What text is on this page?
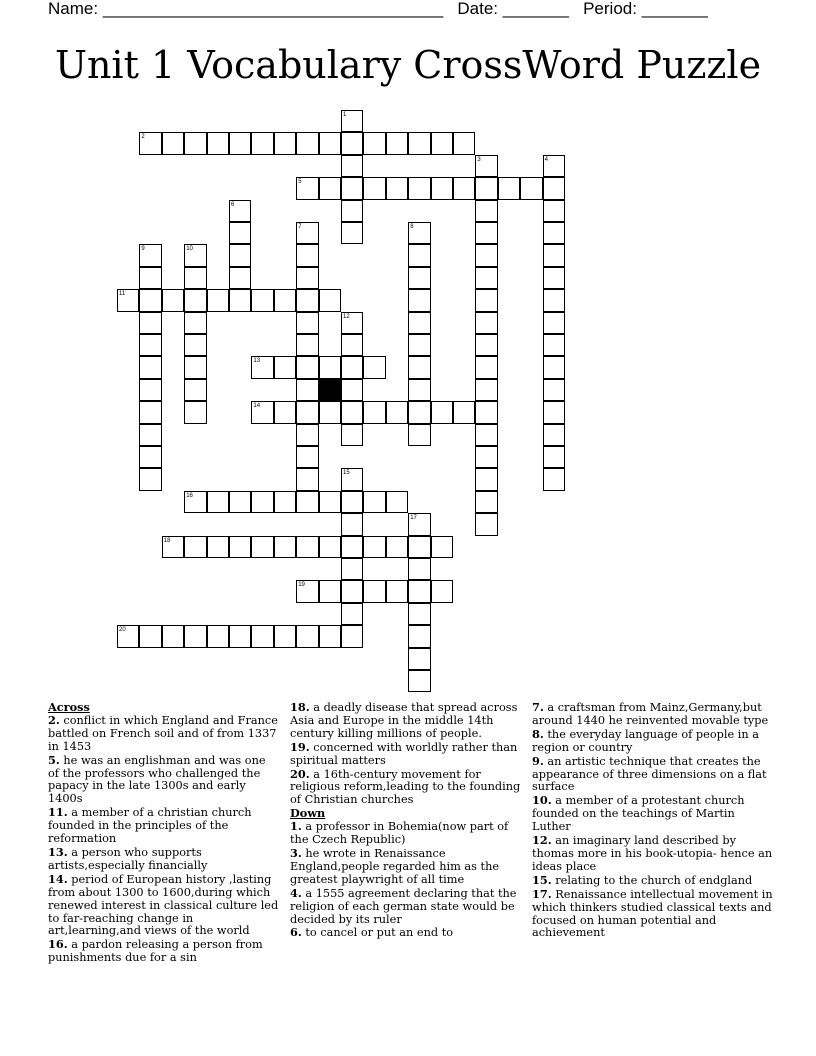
Name: ____________________________________ Date: _______ Period: _______
Unit 1 Vocabulary CrossWord Puzzle
1
2
3	4
5
6
7	8
9	10
11
12
13
14
15
16
17
18
19
20
Across
2. conflict in which England and France battled on French soil and of from 1337 in 1453
5. he was an englishman and was one of the professors who challenged the papacy in the late 1300s and early 1400s
11. a member of a christian church founded in the principles of the reformation
13. a person who supports artists,especially financially
14. period of European history ,lasting from about 1300 to 1600,during which renewed interest in classical culture led to far-reaching change in art,learning,and views of the world
16. a pardon releasing a person from punishments due for a sin
18. a deadly disease that spread across Asia and Europe in the middle 14th century killing millions of people.
19. concerned with worldly rather than spiritual matters
20. a 16th-century movement for religious reform,leading to the founding of Christian churches
Down
1. a professor in Bohemia(now part of the Czech Republic)
3. he wrote in Renaissance England,people regarded him as the greatest playwright of all time
4. a 1555 agreement declaring that the religion of each german state would be decided by its ruler
6. to cancel or put an end to
7. a craftsman from Mainz,Germany,but around 1440 he reinvented movable type
8. the everyday language of people in a region or country
9. an artistic technique that creates the appearance of three dimensions on a flat surface
10. a member of a protestant church founded on the teachings of Martin Luther
12. an imaginary land described by thomas more in his book-utopia- hence an ideas place
15. relating to the church of endgland
17. Renaissance intellectual movement in which thinkers studied classical texts and focused on human potential and achievement
